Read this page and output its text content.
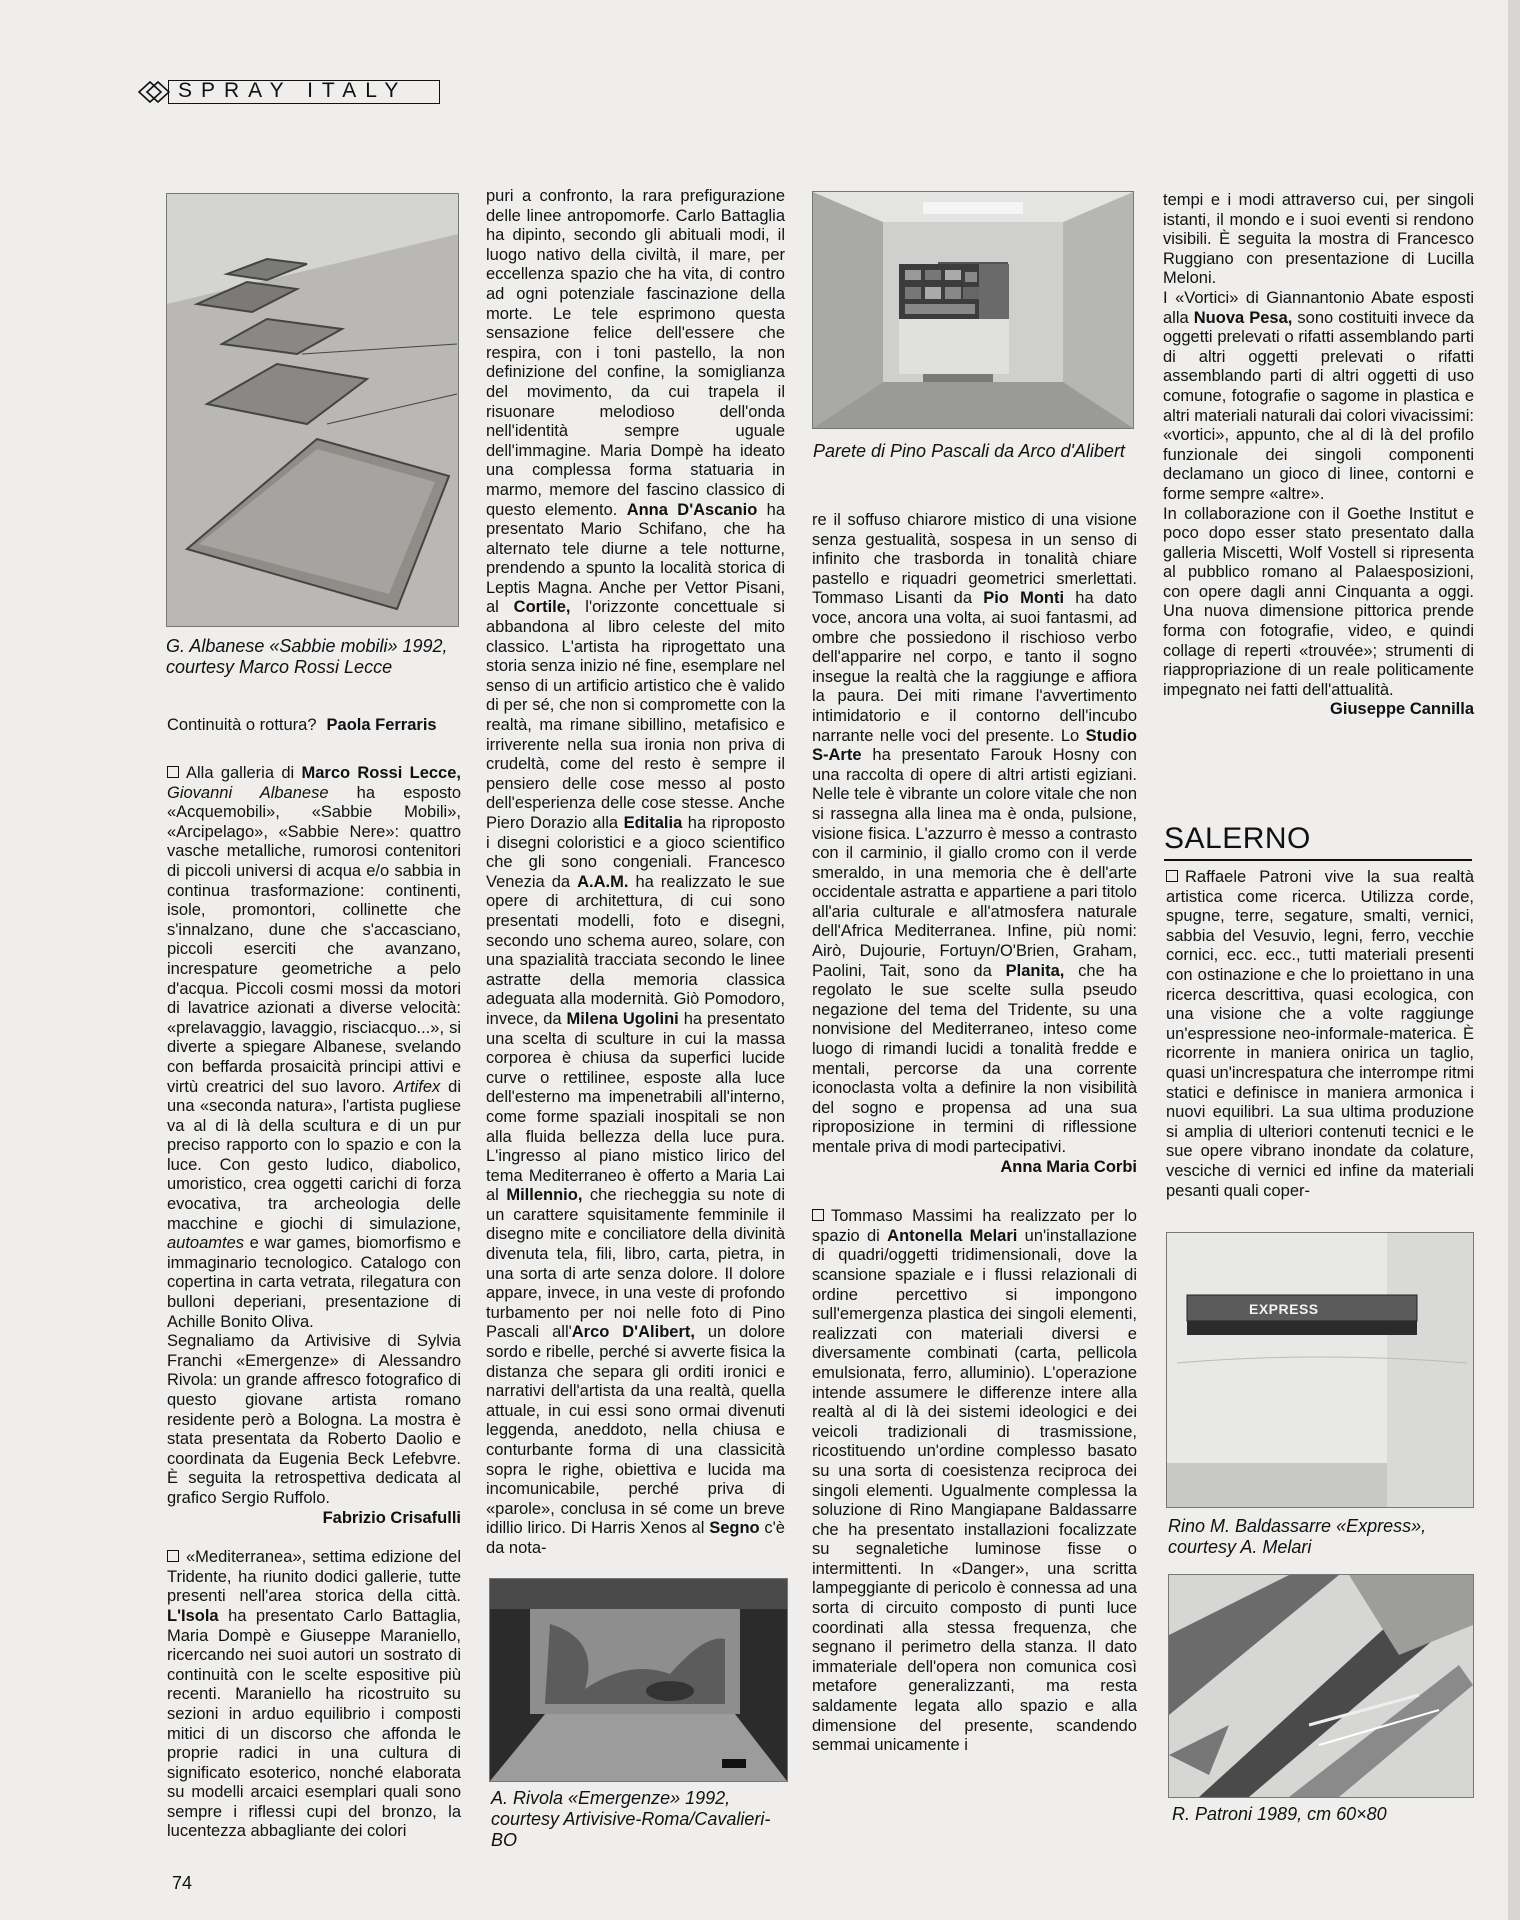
SPRAY ITALY
G. Albanese «Sabbie mobili» 1992, courtesy Marco Rossi Lecce
Continuità o rottura? Paola Ferraris

Alla galleria di Marco Rossi Lecce, Giovanni Albanese ha esposto «Acquemobili», «Sabbie Mobili», «Arcipelago», «Sabbie Nere»: quattro vasche metalliche, rumorosi contenitori di piccoli universi di acqua e/o sabbia in continua trasformazione: continenti, isole, promontori, collinette che s'innalzano, dune che s'accasciano, piccoli eserciti che avanzano, increspature geometriche a pelo d'acqua. Piccoli cosmi mossi da motori di lavatrice azionati a diverse velocità: «prelavaggio, lavaggio, risciacquo...», si diverte a spiegare Albanese, svelando con beffarda prosaicità principi attivi e virtù creatrici del suo lavoro. Artifex di una «seconda natura», l'artista pugliese va al di là della scultura e di un pur preciso rapporto con lo spazio e con la luce. Con gesto ludico, diabolico, umoristico, crea oggetti carichi di forza evocativa, tra archeologia delle macchine e giochi di simulazione, autoamtes e war games, biomorfismo e immaginario tecnologico. Catalogo con copertina in carta vetrata, rilegatura con bulloni deperiani, presentazione di Achille Bonito Oliva.
Segnaliamo da Artivisive di Sylvia Franchi «Emergenze» di Alessandro Rivola: un grande affresco fotografico di questo giovane artista romano residente però a Bologna. La mostra è stata presentata da Roberto Daolio e coordinata da Eugenia Beck Lefebvre. È seguita la retrospettiva dedicata al grafico Sergio Ruffolo.

Fabrizio Crisafulli

«Mediterranea», settima edizione del Tridente, ha riunito dodici gallerie, tutte presenti nell'area storica della città. L'Isola ha presentato Carlo Battaglia, Maria Dompè e Giuseppe Maraniello, ricercando nei suoi autori un sostrato di continuità con le scelte espositive più recenti. Maraniello ha ricostruito su sezioni in arduo equilibrio i composti mitici di un discorso che affonda le proprie radici in una cultura di significato esoterico, nonché elaborata su modelli arcaici esemplari quali sono sempre i riflessi cupi del bronzo, la lucentezza abbagliante dei colori

puri a confronto, la rara prefigurazione delle linee antropomorfe. Carlo Battaglia ha dipinto, secondo gli abituali modi, il luogo nativo della civiltà, il mare, per eccellenza spazio che ha vita, di contro ad ogni potenziale fascinazione della morte. Le tele esprimono questa sensazione felice dell'essere che respira, con i toni pastello, la non definizione del confine, la somiglianza del movimento, da cui trapela il risuonare melodioso dell'onda nell'identità sempre uguale dell'immagine. Maria Dompè ha ideato una complessa forma statuaria in marmo, memore del fascino classico di questo elemento. Anna D'Ascanio ha presentato Mario Schifano, che ha alternato tele diurne a tele notturne, prendendo a spunto la località storica di Leptis Magna. Anche per Vettor Pisani, al Cortile, l'orizzonte concettuale si abbandona al libro celeste del mito classico. L'artista ha riprogettato una storia senza inizio né fine, esemplare nel senso di un artificio artistico che è valido di per sé, che non si compromette con la realtà, ma rimane sibillino, metafisico e irriverente nella sua ironia non priva di crudeltà, come del resto è sempre il pensiero delle cose messo al posto dell'esperienza delle cose stesse. Anche Piero Dorazio alla Editalia ha riproposto i disegni coloristici e a gioco scientifico che gli sono congeniali. Francesco Venezia da A.A.M. ha realizzato le sue opere di architettura, di cui sono presentati modelli, foto e disegni, secondo uno schema aureo, solare, con una spazialità tracciata secondo le linee astratte della memoria classica adeguata alla modernità. Giò Pomodoro, invece, da Milena Ugolini ha presentato una scelta di sculture in cui la massa corporea è chiusa da superfici lucide curve o rettilinee, esposte alla luce dell'esterno ma impenetrabili all'interno, come forme spaziali inospitali se non alla fluida bellezza della luce pura. L'ingresso al piano mistico lirico del tema Mediterraneo è offerto a Maria Lai al Millennio, che riecheggia su note di un carattere squisitamente femminile il disegno mite e conciliatore della divinità divenuta tela, fili, libro, carta, pietra, in una sorta di arte senza dolore. Il dolore appare, invece, in una veste di profondo turbamento per noi nelle foto di Pino Pascali all'Arco D'Alibert, un dolore sordo e ribelle, perché si avverte fisica la distanza che separa gli orditi ironici e narrativi dell'artista da una realtà, quella attuale, in cui essi sono ormai divenuti leggenda, aneddoto, nella chiusa e conturbante forma di una classicità sopra le righe, obiettiva e lucida ma incomunicabile, perché priva di «parole», conclusa in sé come un breve idillio lirico. Di Harris Xenos al Segno c'è da nota-

A. Rivola «Emergenze» 1992, courtesy Artivisive-Roma/Cavalieri-BO
Parete di Pino Pascali da Arco d'Alibert

re il soffuso chiarore mistico di una visione senza gestualità, sospesa in un senso di infinito che trasborda in tonalità chiare pastello e riquadri geometrici smerlettati. Tommaso Lisanti da Pio Monti ha dato voce, ancora una volta, ai suoi fantasmi, ad ombre che possiedono il rischioso verbo dell'apparire nel corpo, e tanto il sogno insegue la realtà che la raggiunge e affiora la paura. Dei miti rimane l'avvertimento intimidatorio e il contorno dell'incubo narrante nelle voci del presente. Lo Studio S-Arte ha presentato Farouk Hosny con una raccolta di opere di altri artisti egiziani. Nelle tele è vibrante un colore vitale che non si rassegna alla linea ma è onda, pulsione, visione fisica. L'azzurro è messo a contrasto con il carminio, il giallo cromo con il verde smeraldo, in una memoria che è dell'arte occidentale astratta e appartiene a pari titolo all'aria culturale e all'atmosfera naturale dell'Africa Mediterranea. Infine, più nomi: Airò, Dujourie, Fortuyn/O'Brien, Graham, Paolini, Tait, sono da Planita, che ha regolato le sue scelte sulla pseudo negazione del tema del Tridente, su una nonvisione del Mediterraneo, inteso come luogo di rimandi lucidi a tonalità fredde e mentali, percorse da una corrente iconoclasta volta a definire la non visibilità del sogno e propensa ad una sua riproposizione in termini di riflessione mentale priva di modi partecipativi.

Anna Maria Corbi

Tommaso Massimi ha realizzato per lo spazio di Antonella Melari un'installazione di quadri/oggetti tridimensionali, dove la scansione spaziale e i flussi relazionali di ordine percettivo si impongono sull'emergenza plastica dei singoli elementi, realizzati con materiali diversi e diversamente combinati (carta, pellicola emulsionata, ferro, alluminio). L'operazione intende assumere le differenze intere alla realtà al di là dei sistemi ideologici e dei veicoli tradizionali di trasmissione, ricostituendo un'ordine complesso basato su una sorta di coesistenza reciproca dei singoli elementi. Ugualmente complessa la soluzione di Rino Mangiapane Baldassarre che ha presentato installazioni focalizzate su segnaletiche luminose fisse o intermittenti. In «Danger», una scritta lampeggiante di pericolo è connessa ad una sorta di circuito composto di punti luce coordinati alla stessa frequenza, che segnano il perimetro della stanza. Il dato immateriale dell'opera non comunica così metafore generalizzanti, ma resta saldamente legata allo spazio e alla dimensione del presente, scandendo semmai unicamente i

tempi e i modi attraverso cui, per singoli istanti, il mondo e i suoi eventi si rendono visibili. È seguita la mostra di Francesco Ruggiano con presentazione di Lucilla Meloni.
I «Vortici» di Giannantonio Abate esposti alla Nuova Pesa, sono costituiti invece da oggetti prelevati o rifatti assemblando parti di altri oggetti prelevati o rifatti assemblando parti di altri oggetti di uso comune, fotografie o sagome in plastica e altri materiali naturali dai colori vivacissimi: «vortici», appunto, che al di là del profilo funzionale dei singoli componenti declamano un gioco di linee, contorni e forme sempre «altre».
In collaborazione con il Goethe Institut e poco dopo esser stato presentato dalla galleria Miscetti, Wolf Vostell si ripresenta al pubblico romano al Palaesposizioni, con opere dagli anni Cinquanta a oggi. Una nuova dimensione pittorica prende forma con fotografie, video, e quindi collage di reperti «trouvée»; strumenti di riappropriazione di un reale politicamente impegnato nei fatti dell'attualità.

Giuseppe Cannilla

SALERNO

Raffaele Patroni vive la sua realtà artistica come ricerca. Utilizza corde, spugne, terre, segature, smalti, vernici, sabbia del Vesuvio, legni, ferro, vecchie cornici, ecc. ecc., tutti materiali presenti con ostinazione e che lo proiettano in una ricerca descrittiva, quasi ecologica, con una visione che a volte raggiunge un'espressione neo-informale-materica. È ricorrente in maniera onirica un taglio, quasi un'increspatura che interrompe ritmi statici e definisce in maniera armonica i nuovi equilibri. La sua ultima produzione si amplia di ulteriori contenuti tecnici e le sue opere vibrano inondate da colature, vesciche di vernici ed infine da materiali pesanti quali coper-

EXPRESS
Rino M. Baldassarre «Express», courtesy A. Melari
R. Patroni 1989, cm 60×80
74
